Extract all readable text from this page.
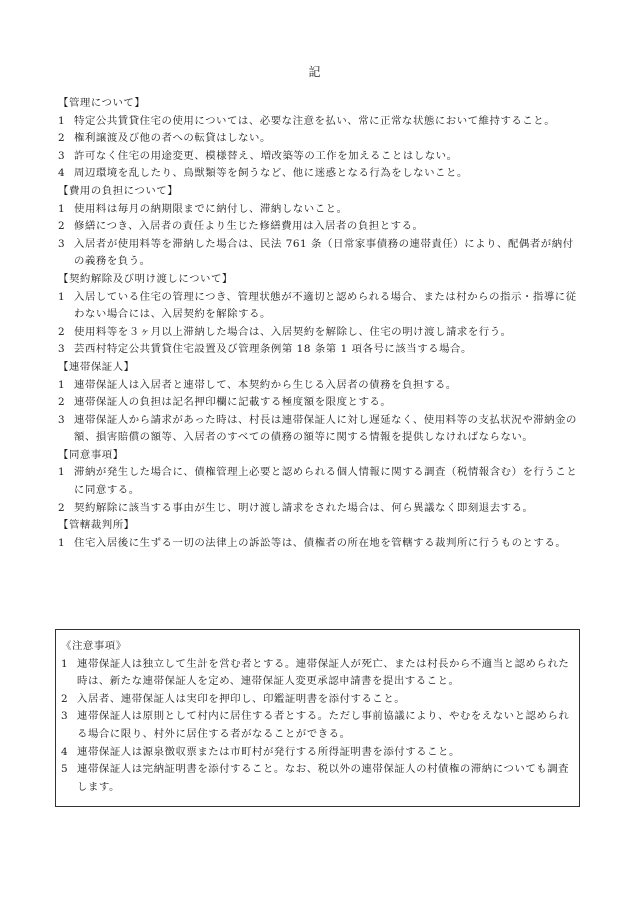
記
【管理について】
1 特定公共賃貸住宅の使用については、必要な注意を払い、常に正常な状態において維持すること。
2 権利譲渡及び他の者への転貸はしない。
3 許可なく住宅の用途変更、模様替え、増改築等の工作を加えることはしない。
4 周辺環境を乱したり、鳥獣類等を飼うなど、他に迷惑となる行為をしないこと。
【費用の負担について】
1 使用料は毎月の納期限までに納付し、滞納しないこと。
2 修繕につき、入居者の責任より生じた修繕費用は入居者の負担とする。
3 入居者が使用料等を滞納した場合は、民法 761 条（日常家事債務の連帯責任）により、配偶者が納付の義務を負う。
【契約解除及び明け渡しについて】
1 入居している住宅の管理につき、管理状態が不適切と認められる場合、または村からの指示・指導に従わない場合には、入居契約を解除する。
2 使用料等を３ヶ月以上滞納した場合は、入居契約を解除し、住宅の明け渡し請求を行う。
3 芸西村特定公共賃貸住宅設置及び管理条例第 18 条第 1 項各号に該当する場合。
【連帯保証人】
1 連帯保証人は入居者と連帯して、本契約から生じる入居者の債務を負担する。
2 連帯保証人の負担は記名押印欄に記載する極度額を限度とする。
3 連帯保証人から請求があった時は、村長は連帯保証人に対し遅延なく、使用料等の支払状況や滞納金の額、損害賠償の額等、入居者のすべての債務の額等に関する情報を提供しなければならない。
【同意事項】
1 滞納が発生した場合に、債権管理上必要と認められる個人情報に関する調査（税情報含む）を行うことに同意する。
2 契約解除に該当する事由が生じ、明け渡し請求をされた場合は、何ら異議なく即刻退去する。
【管轄裁判所】
1 住宅入居後に生ずる一切の法律上の訴訟等は、債権者の所在地を管轄する裁判所に行うものとする。
《注意事項》
1 連帯保証人は独立して生計を営む者とする。連帯保証人が死亡、または村長から不適当と認められた時は、新たな連帯保証人を定め、連帯保証人変更承認申請書を提出すること。
2 入居者、連帯保証人は実印を押印し、印鑑証明書を添付すること。
3 連帯保証人は原則として村内に居住する者とする。ただし事前協議により、やむをえないと認められる場合に限り、村外に居住する者がなることができる。
4 連帯保証人は源泉徴収票または市町村が発行する所得証明書を添付すること。
5 連帯保証人は完納証明書を添付すること。なお、税以外の連帯保証人の村債権の滞納についても調査します。
